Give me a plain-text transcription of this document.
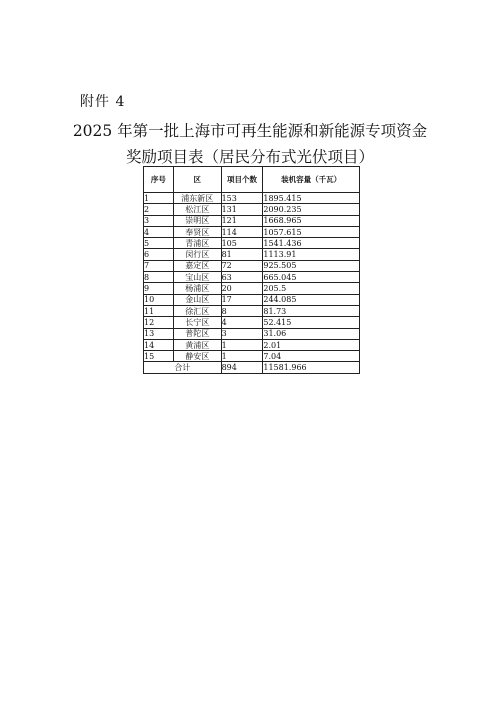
附件 4
2025 年第一批上海市可再生能源和新能源专项资金
奖励项目表（居民分布式光伏项目）
序号	区	项目个数	装机容量（千瓦）
1	浦东新区	153	1895.415
2	松江区	131	2090.235
3	崇明区	121	1668.965
4	奉贤区	114	1057.615
5	青浦区	105	1541.436
6	闵行区	81	1113.91
7	嘉定区	72	925.505
8	宝山区	63	665.045
9	杨浦区	20	205.5
10	金山区	17	244.085
11	徐汇区	8	81.73
12	长宁区	4	52.415
13	普陀区	3	31.06
14	黄浦区	1	2.01
15	静安区	1	7.04
合计		894	11581.966
